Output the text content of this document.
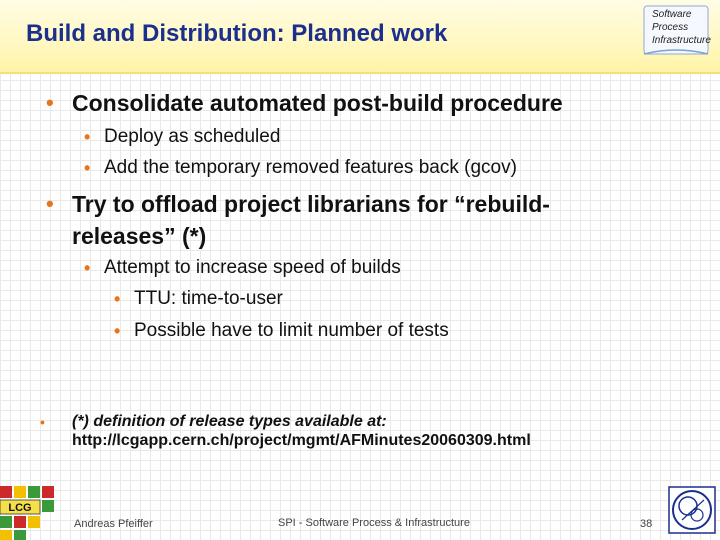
Build and Distribution: Planned work
Software
Process
Infrastructure
• Consolidate automated post-build procedure
• Deploy as scheduled
• Add the temporary removed features back (gcov)
• Try to offload project librarians for “rebuild-
releases” (*)
• Attempt to increase speed of builds
• TTU: time-to-user
• Possible have to limit number of tests
• (*) definition of release types available at:
http://lcgapp.cern.ch/project/mgmt/AFMinutes20060309.html
LCG
Andreas Pfeiffer	SPI - Software Process & Infrastructure	38
